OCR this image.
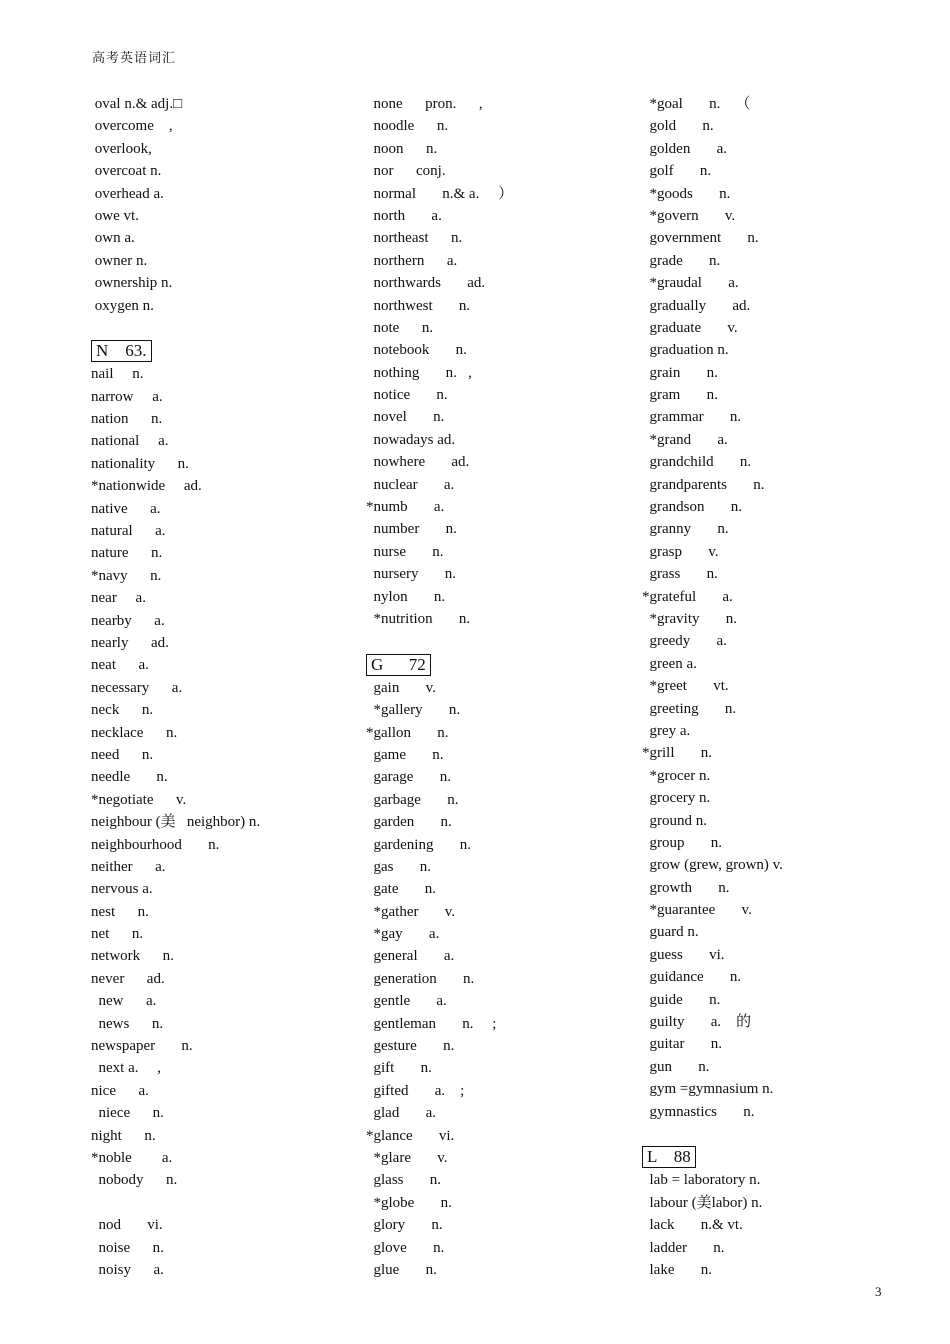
高考英语词汇
oval n.& adj.□
overcome    ,
overlook,
overcoat n.
overhead a.
owe vt.
own a.
owner n.
ownership n.
oxygen n.
N    63.
nail     n.
narrow     a.
nation      n.
national     a.
nationality      n.
*nationwide     ad.
native      a.
natural      a.
nature      n.
*navy      n.
near     a.
nearby      a.
nearly      ad.
neat      a.
necessary      a.
neck      n.
necklace      n.
need      n.
needle       n.
*negotiate      v.
neighbour (美   neighbor) n.
neighbourhood       n.
neither      a.
nervous a.
nest      n.
net      n.
network      n.
never      ad.
new      a.
news      n.
newspaper       n.
next a.     ,
nice      a.
niece      n.
night      n.
*noble        a.
nobody      n.
nod       vi.
noise      n.
noisy      a.
none      pron.      ,
noodle      n.
noon      n.
nor      conj.
normal       n.& a.     ）
north       a.
northeast      n.
northern      a.
northwards       ad.
northwest       n.
note      n.
notebook       n.
nothing       n.   ,
notice       n.
novel       n.
nowadays ad.
nowhere       ad.
nuclear       a.
*numb       a.
number       n.
nurse       n.
nursery       n.
nylon       n.
*nutrition       n.
G      72
gain       v.
*gallery       n.
*gallon       n.
game       n.
garage       n.
garbage       n.
garden       n.
gardening       n.
gas       n.
gate       n.
*gather       v.
*gay       a.
general       a.
generation       n.
gentle       a.
gentleman       n.     ;
gesture       n.
gift       n.
gifted       a.    ;
glad       a.
*glance       vi.
*glare       v.
glass       n.
*globe       n.
glory       n.
glove       n.
glue       n.
*goal       n.    （
gold       n.
golden       a.
golf       n.
*goods       n.
*govern       v.
government       n.
grade       n.
*graudal       a.
gradually       ad.
graduate       v.
graduation n.
grain       n.
gram       n.
grammar       n.
*grand       a.
grandchild       n.
grandparents       n.
grandson       n.
granny       n.
grasp       v.
grass       n.
*grateful       a.
*gravity       n.
greedy       a.
green a.
*greet       vt.
greeting       n.
grey a.
*grill       n.
*grocer n.
grocery n.
ground n.
group       n.
grow (grew, grown) v.
growth       n.
*guarantee       v.
guard n.
guess       vi.
guidance       n.
guide       n.
guilty       a.    的
guitar       n.
gun       n.
gym =gymnasium n.
gymnastics       n.
L    88
lab = laboratory n.
labour (美labor) n.
lack       n.& vt.
ladder       n.
lake       n.
3
